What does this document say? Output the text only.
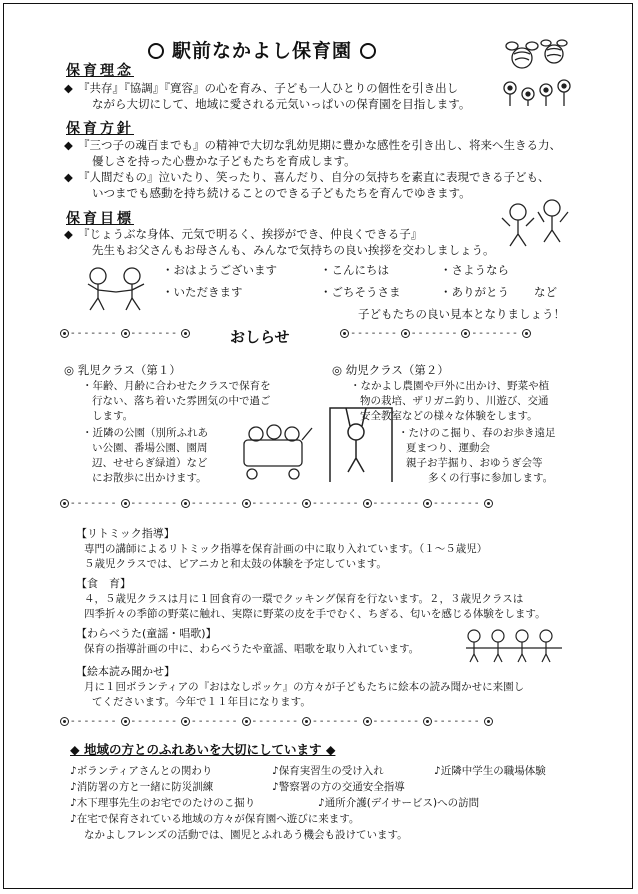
駅前なかよし保育園
保育理念
◆ 『共存』『協調』『寛容』の心を育み、子ども一人ひとりの個性を引き出し
ながら大切にして、地域に愛される元気いっぱいの保育園を目指します。
保育方針
◆ 『三つ子の魂百までも』の精神で大切な乳幼児期に豊かな感性を引き出し、将来へ生きる力、
優しさを持った心豊かな子どもたちを育成します。
◆ 『人間だもの』泣いたり、笑ったり、喜んだり、自分の気持ちを素直に表現できる子ども、
いつまでも感動を持ち続けることのできる子どもたちを育んでゆきます。
保育目標
◆ 『じょうぶな身体、元気で明るく、挨拶ができ、仲良くできる子』
先生もお父さんもお母さんも、みんなで気持ちの良い挨拶を交わしましょう。
・おはようございます	・こんにちは	・さようなら
・いただきます	・ごちそうさま	・ありがとう など
子どもたちの良い見本となりましょう！
- - - - - - - - - - - - - -	- - - - - - - - - - - - - - - - - - - - -
おしらせ
◎ 乳児クラス（第１）
・年齢、月齢に合わせたクラスで保育を
行ない、落ち着いた雰囲気の中で過ご
します。
・近隣の公園（別所ふれあ
い公園、番場公園、園周
辺、せせらぎ緑道）など
にお散歩に出かけます。
◎ 幼児クラス（第２）
・なかよし農園や戸外に出かけ、野菜や植
物の栽培、ザリガニ釣り、川遊び、交通
安全教室などの様々な体験をします。
・たけのこ掘り、春のお歩き遠足
夏まつり、運動会
親子お芋掘り、おゆうぎ会等
多くの行事に参加します。
- - - - - - - - - - - - - - - - - - - - - - - - - - - - - - - - - - - - - - - - - - - - - - - - -
【リトミック指導】
専門の講師によるリトミック指導を保育計画の中に取り入れています。（１～５歳児）
５歳児クラスでは、ピアニカと和太鼓の体験を予定しています。
【食　育】
４，５歳児クラスは月に１回食育の一環でクッキング保育を行ないます。２，３歳児クラスは
四季折々の季節の野菜に触れ、実際に野菜の皮を手でむく、ちぎる、匂いを感じる体験をします。
【わらべうた(童謡・唱歌)】
保育の指導計画の中に、わらべうたや童謡、唱歌を取り入れています。
【絵本読み聞かせ】
月に１回ボランティアの『おはなしポッケ』の方々が子どもたちに絵本の読み聞かせに来園し
てくださいます。今年で１１年目になります。
- - - - - - - - - - - - - - - - - - - - - - - - - - - - - - - - - - - - - - - - - - - - - - - - -
◆ 地域の方とのふれあいを大切にしています ◆
♪ボランティアさんとの関わり	♪保育実習生の受け入れ	♪近隣中学生の職場体験
♪消防署の方と一緒に防災訓練	♪警察署の方の交通安全指導
♪木下理事先生のお宅でのたけのこ掘り	♪通所介護(デイサービス)への訪問
♪在宅で保育されている地域の方々が保育園へ遊びに来ます。
なかよしフレンズの活動では、園児とふれあう機会も設けています。
